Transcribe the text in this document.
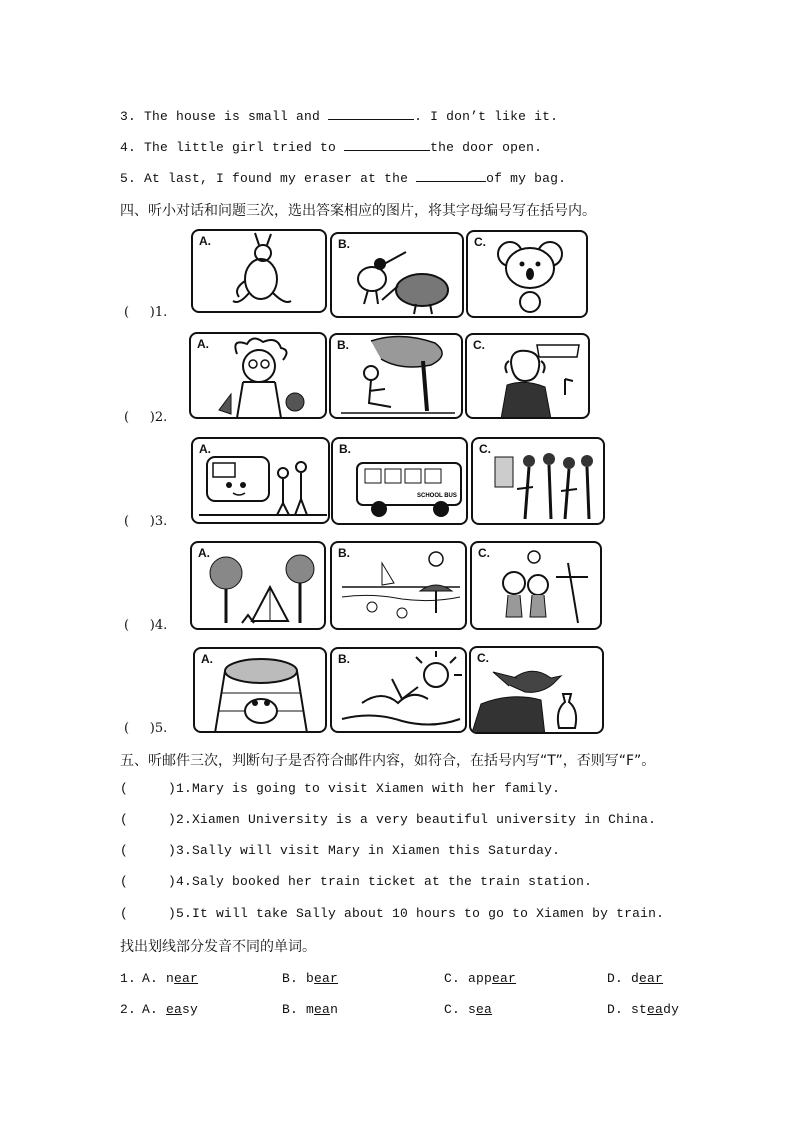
3. The house is small and	. I don’t like it.
4. The little girl tried to	the door open.
5. At last, I found my eraser at the	of my bag.
四、听小对话和问题三次，选出答案相应的图片，将其字母编号写在括号内。
(     )1.
A.	B.	C.
(     )2.
A.	B.	C.
(     )3.
A.	B.
SCHOOL BUS
C.
(     )4.
A.	B.	C.
(     )5.
A.	B.	C.
五、听邮件三次，判断句子是否符合邮件内容，如符合，在括号内写“T”，否则写“F”。
(     )1.Mary is going to visit Xiamen with her family.
(     )2.Xiamen University is a very beautiful university in China.
(     )3.Sally will visit Mary in Xiamen this Saturday.
(     )4.Saly booked her train ticket at the train station.
(     )5.It will take Sally about 10 hours to go to Xiamen by train.
找出划线部分发音不同的单词。
1. A. near	B. bear	C. appear	D. dear
2. A. easy	B. mean	C. sea	D. steady
